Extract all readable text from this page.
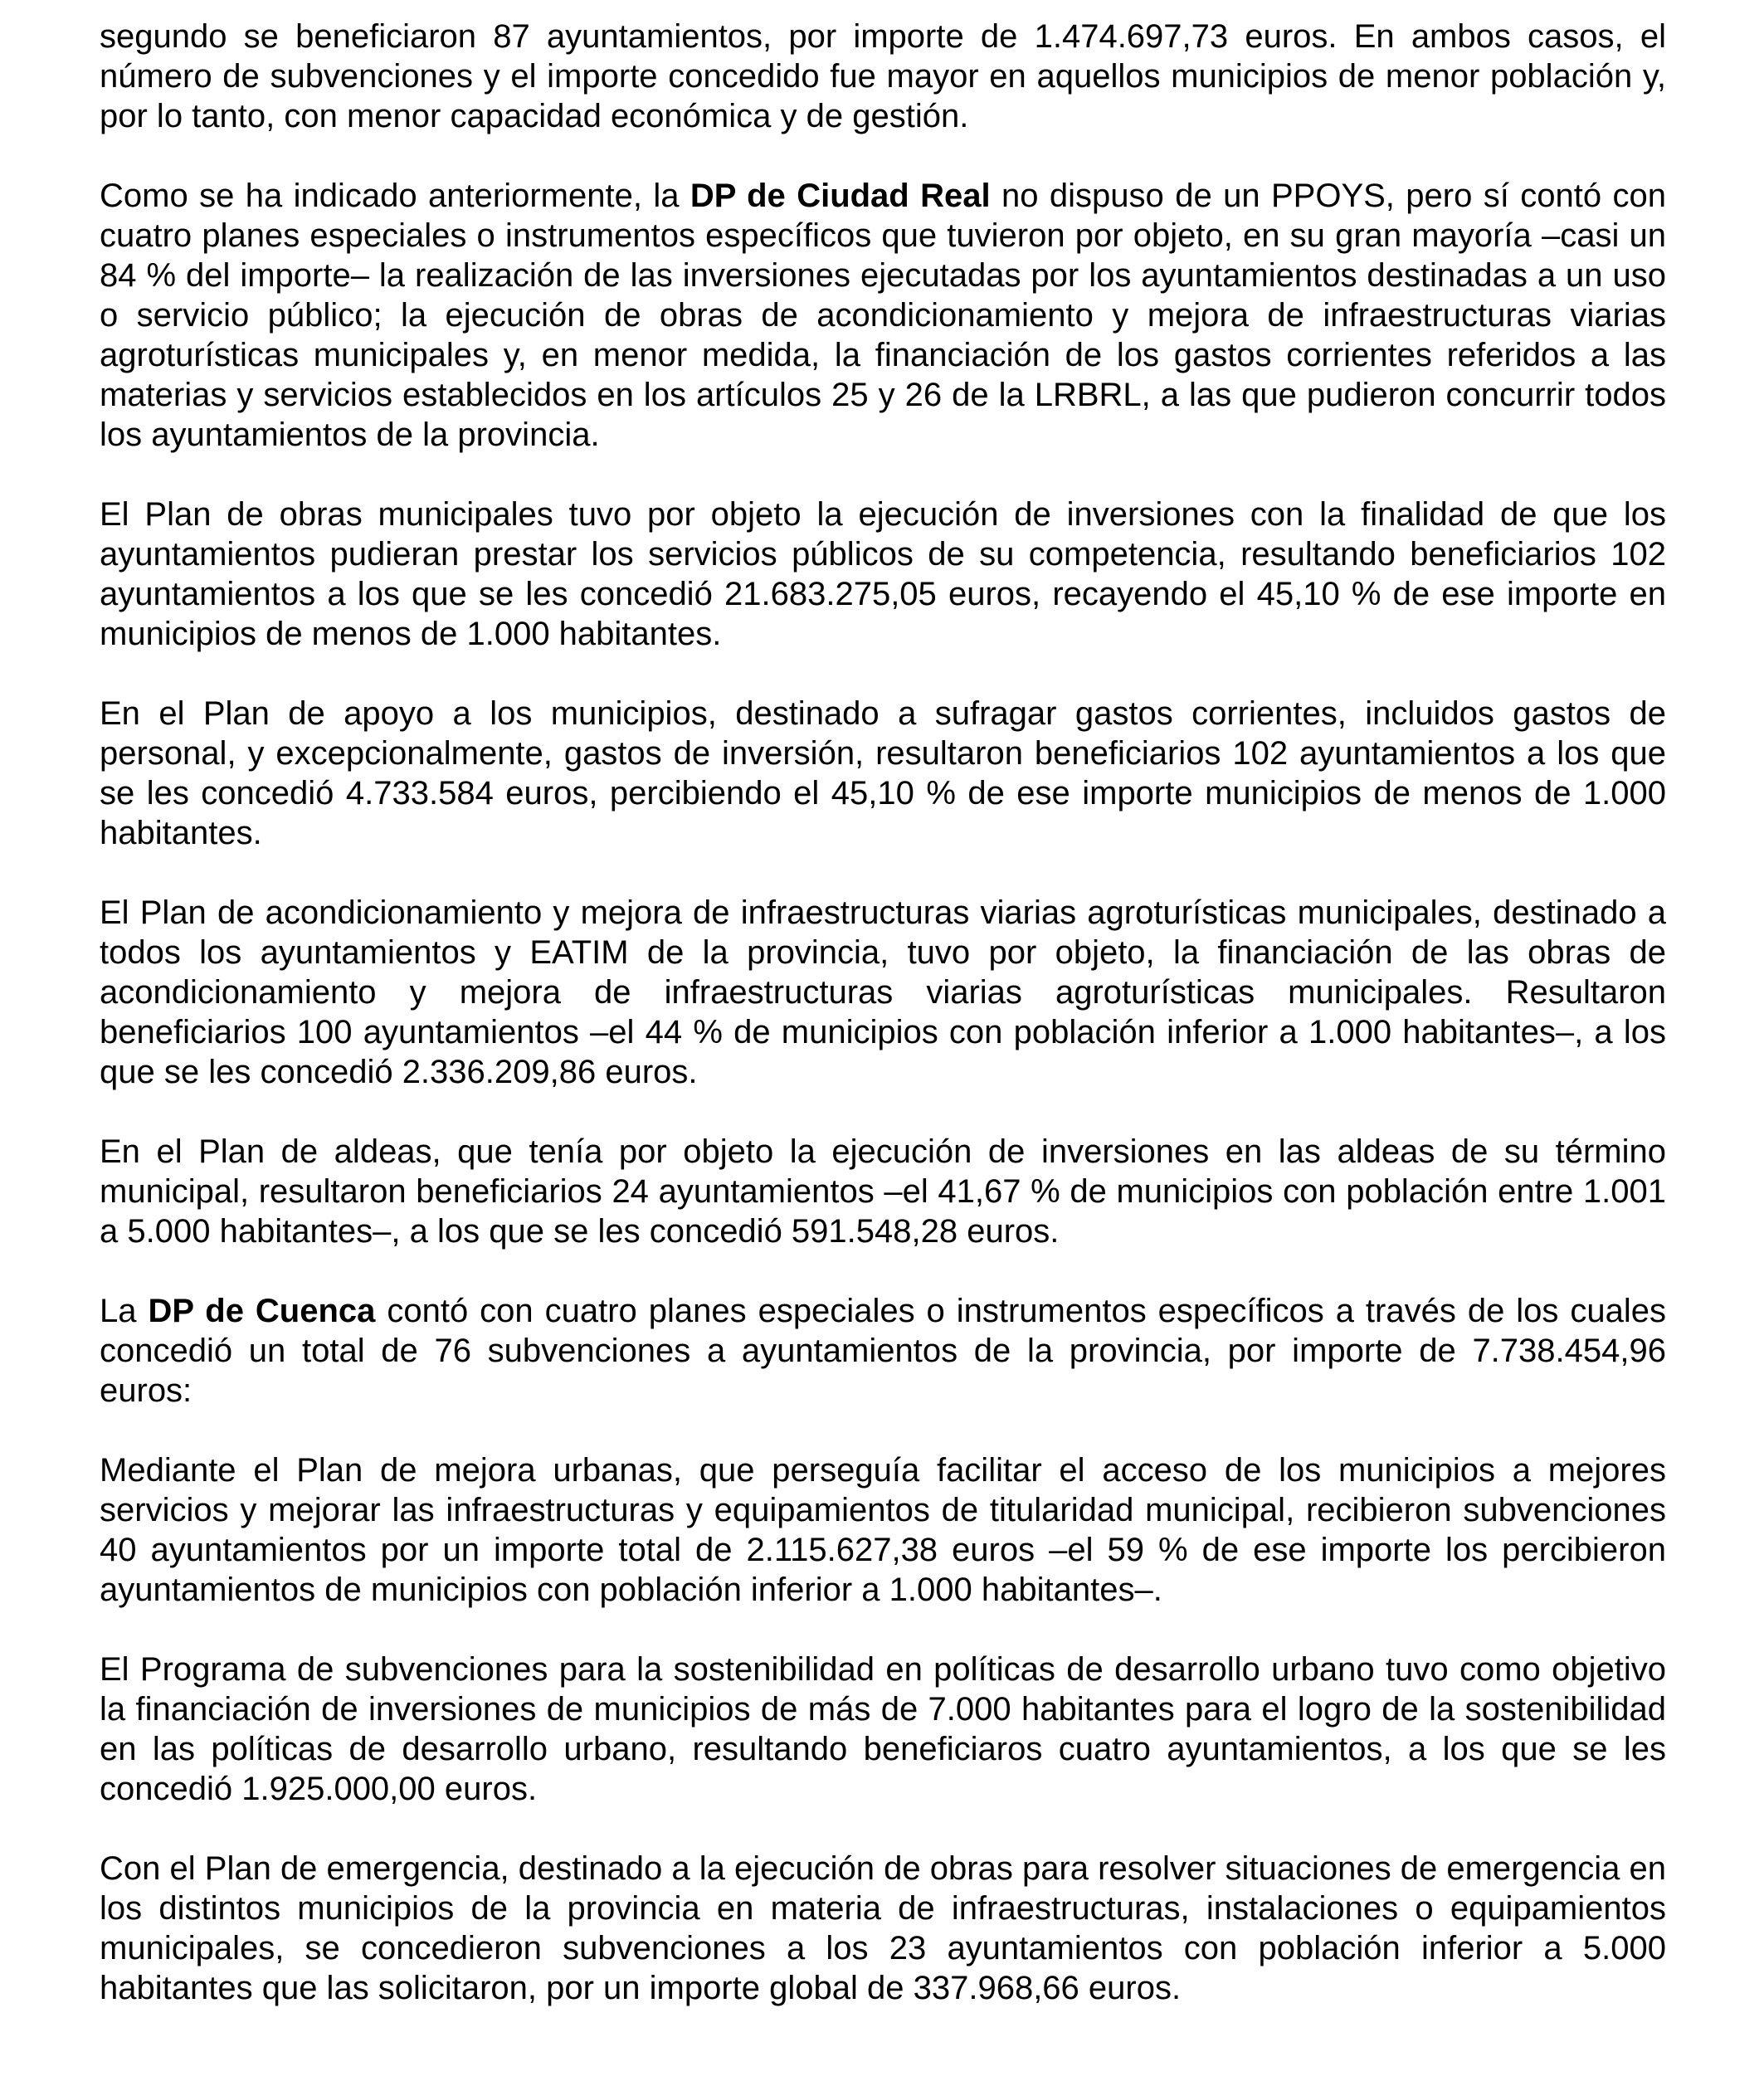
segundo se beneficiaron 87 ayuntamientos, por importe de 1.474.697,73 euros. En ambos casos, el número de subvenciones y el importe concedido fue mayor en aquellos municipios de menor población y, por lo tanto, con menor capacidad económica y de gestión.

Como se ha indicado anteriormente, la DP de Ciudad Real no dispuso de un PPOYS, pero sí contó con cuatro planes especiales o instrumentos específicos que tuvieron por objeto, en su gran mayoría –casi un 84 % del importe– la realización de las inversiones ejecutadas por los ayuntamientos destinadas a un uso o servicio público; la ejecución de obras de acondicionamiento y mejora de infraestructuras viarias agroturísticas municipales y, en menor medida, la financiación de los gastos corrientes referidos a las materias y servicios establecidos en los artículos 25 y 26 de la LRBRL, a las que pudieron concurrir todos los ayuntamientos de la provincia.

El Plan de obras municipales tuvo por objeto la ejecución de inversiones con la finalidad de que los ayuntamientos pudieran prestar los servicios públicos de su competencia, resultando beneficiarios 102 ayuntamientos a los que se les concedió 21.683.275,05 euros, recayendo el 45,10 % de ese importe en municipios de menos de 1.000 habitantes.

En el Plan de apoyo a los municipios, destinado a sufragar gastos corrientes, incluidos gastos de personal, y excepcionalmente, gastos de inversión, resultaron beneficiarios 102 ayuntamientos a los que se les concedió 4.733.584 euros, percibiendo el 45,10 % de ese importe municipios de menos de 1.000 habitantes.

El Plan de acondicionamiento y mejora de infraestructuras viarias agroturísticas municipales, destinado a todos los ayuntamientos y EATIM de la provincia, tuvo por objeto, la financiación de las obras de acondicionamiento y mejora de infraestructuras viarias agroturísticas municipales. Resultaron beneficiarios 100 ayuntamientos –el 44 % de municipios con población inferior a 1.000 habitantes–, a los que se les concedió 2.336.209,86 euros.

En el Plan de aldeas, que tenía por objeto la ejecución de inversiones en las aldeas de su término municipal, resultaron beneficiarios 24 ayuntamientos –el 41,67 % de municipios con población entre 1.001 a 5.000 habitantes–, a los que se les concedió 591.548,28 euros.

La DP de Cuenca contó con cuatro planes especiales o instrumentos específicos a través de los cuales concedió un total de 76 subvenciones a ayuntamientos de la provincia, por importe de 7.738.454,96 euros:

Mediante el Plan de mejora urbanas, que perseguía facilitar el acceso de los municipios a mejores servicios y mejorar las infraestructuras y equipamientos de titularidad municipal, recibieron subvenciones 40 ayuntamientos por un importe total de 2.115.627,38 euros –el 59 % de ese importe los percibieron ayuntamientos de municipios con población inferior a 1.000 habitantes–.

El Programa de subvenciones para la sostenibilidad en políticas de desarrollo urbano tuvo como objetivo la financiación de inversiones de municipios de más de 7.000 habitantes para el logro de la sostenibilidad en las políticas de desarrollo urbano, resultando beneficiaros cuatro ayuntamientos, a los que se les concedió 1.925.000,00 euros.

Con el Plan de emergencia, destinado a la ejecución de obras para resolver situaciones de emergencia en los distintos municipios de la provincia en materia de infraestructuras, instalaciones o equipamientos municipales, se concedieron subvenciones a los 23 ayuntamientos con población inferior a 5.000 habitantes que las solicitaron, por un importe global de 337.968,66 euros.
